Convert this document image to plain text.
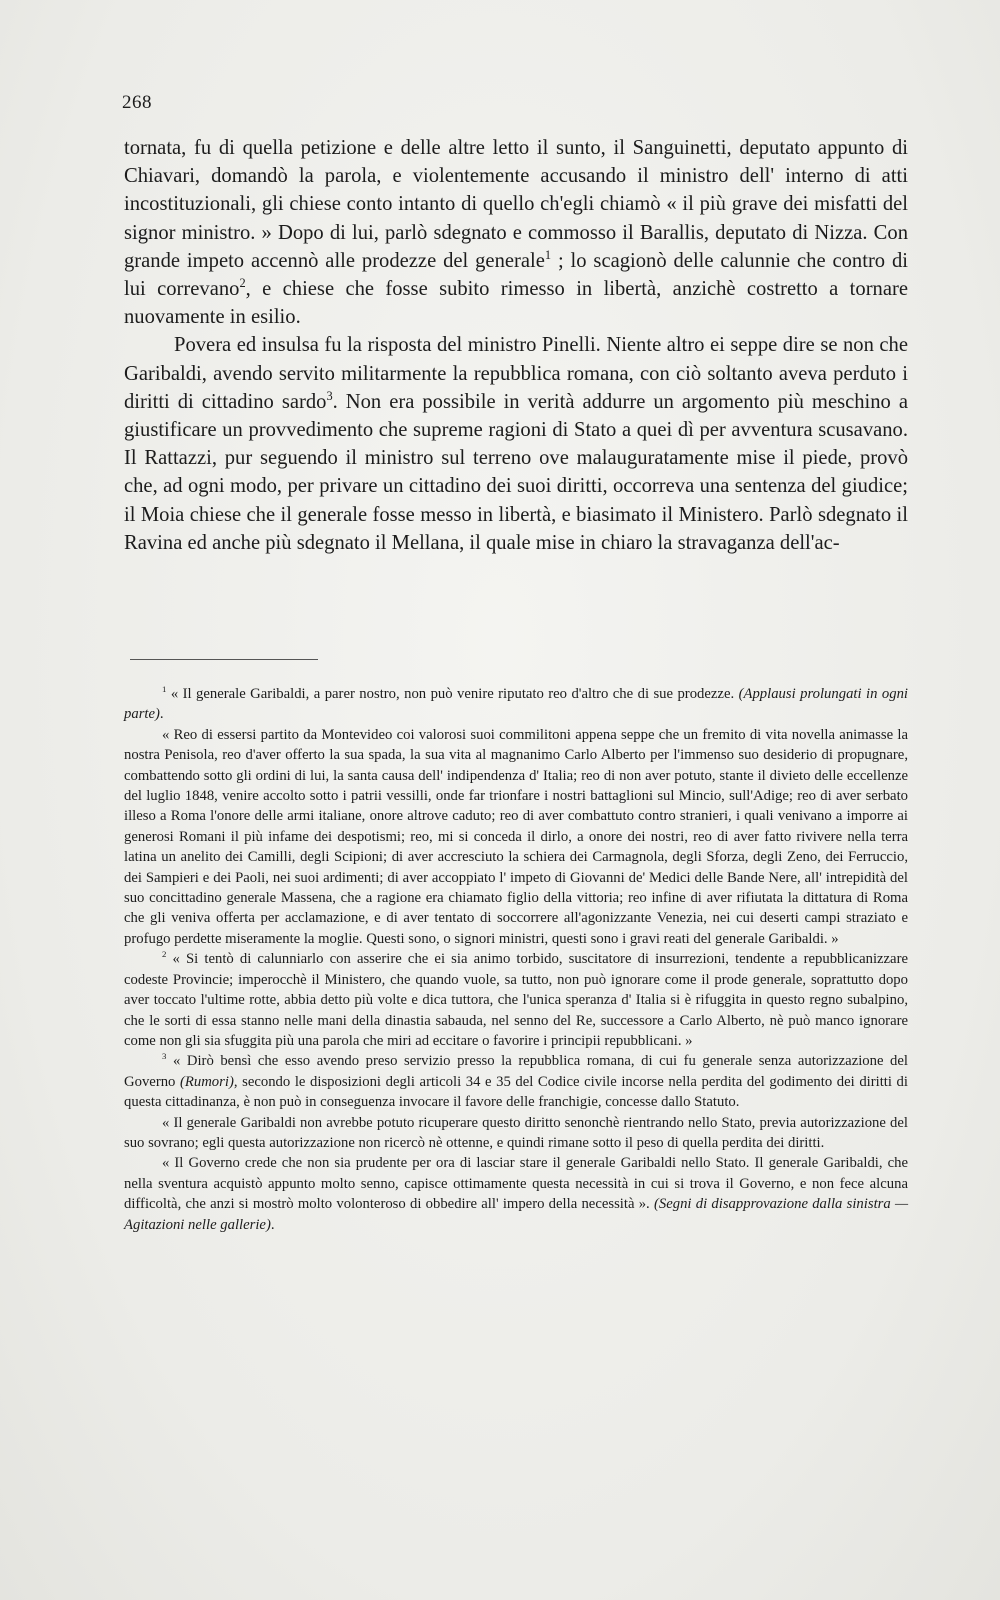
268

tornata, fu di quella petizione e delle altre letto il sunto, il Sanguinetti, deputato appunto di Chiavari, domandò la parola, e violentemente accusando il ministro dell' interno di atti incostituzionali, gli chiese conto intanto di quello ch'egli chiamò « il più grave dei misfatti del signor ministro. » Dopo di lui, parlò sdegnato e commosso il Barallis, deputato di Nizza. Con grande impeto accennò alle prodezze del generale$^1$ ; lo scagionò delle calunnie che contro di lui correvano$^2$, e chiese che fosse subito rimesso in libertà, anzichè costretto a tornare nuovamente in esilio.

Povera ed insulsa fu la risposta del ministro Pinelli. Niente altro ei seppe dire se non che Garibaldi, avendo servito militarmente la repubblica romana, con ciò soltanto aveva perduto i diritti di cittadino sardo$^3$. Non era possibile in verità addurre un argomento più meschino a giustificare un provvedimento che supreme ragioni di Stato a quei dì per avventura scusavano. Il Rattazzi, pur seguendo il ministro sul terreno ove malauguratamente mise il piede, provò che, ad ogni modo, per privare un cittadino dei suoi diritti, occorreva una sentenza del giudice; il Moia chiese che il generale fosse messo in libertà, e biasimato il Ministero. Parlò sdegnato il Ravina ed anche più sdegnato il Mellana, il quale mise in chiaro la stravaganza dell'ac-

$^1$ « Il generale Garibaldi, a parer nostro, non può venire riputato reo d'altro che di sue prodezze. (Applausi prolungati in ogni parte).

« Reo di essersi partito da Montevideo coi valorosi suoi commilitoni appena seppe che un fremito di vita novella animasse la nostra Penisola, reo d'aver offerto la sua spada, la sua vita al magnanimo Carlo Alberto per l'immenso suo desiderio di propugnare, combattendo sotto gli ordini di lui, la santa causa dell' indipendenza d' Italia; reo di non aver potuto, stante il divieto delle eccellenze del luglio 1848, venire accolto sotto i patrii vessilli, onde far trionfare i nostri battaglioni sul Mincio, sull'Adige; reo di aver serbato illeso a Roma l'onore delle armi italiane, onore altrove caduto; reo di aver combattuto contro stranieri, i quali venivano a imporre ai generosi Romani il più infame dei despotismi; reo, mi si conceda il dirlo, a onore dei nostri, reo di aver fatto rivivere nella terra latina un anelito dei Camilli, degli Scipioni; di aver accresciuto la schiera dei Carmagnola, degli Sforza, degli Zeno, dei Ferruccio, dei Sampieri e dei Paoli, nei suoi ardimenti; di aver accoppiato l' impeto di Giovanni de' Medici delle Bande Nere, all' intrepidità del suo concittadino generale Massena, che a ragione era chiamato figlio della vittoria; reo infine di aver rifiutata la dittatura di Roma che gli veniva offerta per acclamazione, e di aver tentato di soccorrere all'agonizzante Venezia, nei cui deserti campi straziato e profugo perdette miseramente la moglie. Questi sono, o signori ministri, questi sono i gravi reati del generale Garibaldi. »

$^2$ « Si tentò di calunniarlo con asserire che ei sia animo torbido, suscitatore di insurrezioni, tendente a repubblicanizzare codeste Provincie; imperocchè il Ministero, che quando vuole, sa tutto, non può ignorare come il prode generale, soprattutto dopo aver toccato l'ultime rotte, abbia detto più volte e dica tuttora, che l'unica speranza d' Italia si è rifuggita in questo regno subalpino, che le sorti di essa stanno nelle mani della dinastia sabauda, nel senno del Re, successore a Carlo Alberto, nè può manco ignorare come non gli sia sfuggita più una parola che miri ad eccitare o favorire i principii repubblicani. »

$^3$ « Dirò bensì che esso avendo preso servizio presso la repubblica romana, di cui fu generale senza autorizzazione del Governo (Rumori), secondo le disposizioni degli articoli 34 e 35 del Codice civile incorse nella perdita del godimento dei diritti di questa cittadinanza, è non può in conseguenza invocare il favore delle franchigie, concesse dallo Statuto.

« Il generale Garibaldi non avrebbe potuto ricuperare questo diritto senonchè rientrando nello Stato, previa autorizzazione del suo sovrano; egli questa autorizzazione non ricercò nè ottenne, e quindi rimane sotto il peso di quella perdita dei diritti.

« Il Governo crede che non sia prudente per ora di lasciar stare il generale Garibaldi nello Stato. Il generale Garibaldi, che nella sventura acquistò appunto molto senno, capisce ottimamente questa necessità in cui si trova il Governo, e non fece alcuna difficoltà, che anzi si mostrò molto volonteroso di obbedire all' impero della necessità ». (Segni di disapprovazione dalla sinistra — Agitazioni nelle gallerie).
